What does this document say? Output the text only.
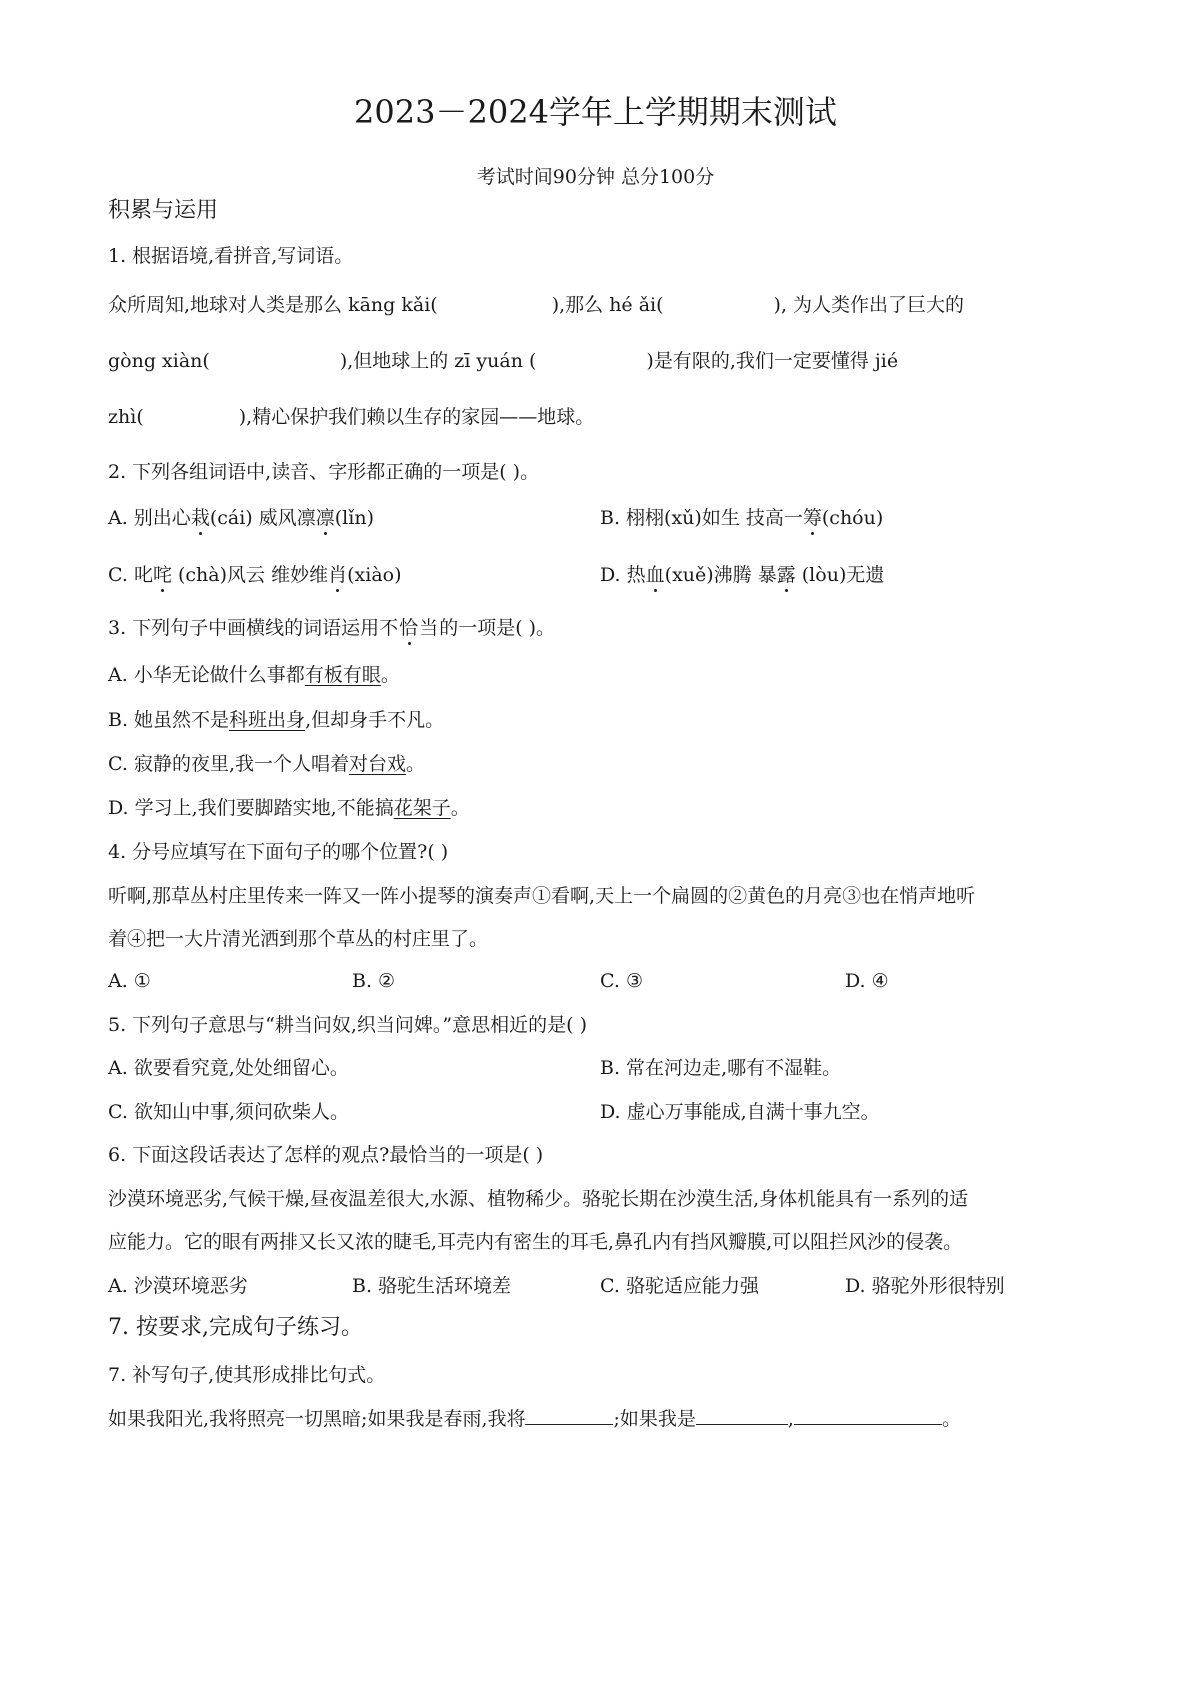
2023－2024学年上学期期末测试
考试时间90分钟 总分100分
积累与运用
1. 根据语境,看拼音,写词语。
众所周知,地球对人类是那么 kāng kǎi(	),那么 hé ǎi(	), 为人类作出了巨大的
gòng xiàn(	),但地球上的 zī yuán (	)是有限的,我们一定要懂得 jié
zhì(	),精心保护我们赖以生存的家园——地球。
2. 下列各组词语中,读音、字形都正确的一项是( )。
A. 别出心栽(cái) 威风凛凛(lǐn)	B. 栩栩(xǔ)如生 技高一筹(chóu)
C. 叱咤 (chà)风云 维妙维肖(xiào)	D. 热血(xuě)沸腾 暴露 (lòu)无遗
3. 下列句子中画横线的词语运用不恰当的一项是( )。
A. 小华无论做什么事都有板有眼。
B. 她虽然不是科班出身,但却身手不凡。
C. 寂静的夜里,我一个人唱着对台戏。
D. 学习上,我们要脚踏实地,不能搞花架子。
4. 分号应填写在下面句子的哪个位置?( )
听啊,那草丛村庄里传来一阵又一阵小提琴的演奏声①看啊,天上一个扁圆的②黄色的月亮③也在悄声地听
着④把一大片清光洒到那个草丛的村庄里了。
A. ①	B. ②	C. ③	D. ④
5. 下列句子意思与“耕当问奴,织当问婢。”意思相近的是( )
A. 欲要看究竟,处处细留心。	B. 常在河边走,哪有不湿鞋。
C. 欲知山中事,须问砍柴人。	D. 虚心万事能成,自满十事九空。
6. 下面这段话表达了怎样的观点?最恰当的一项是( )
沙漠环境恶劣,气候干燥,昼夜温差很大,水源、植物稀少。骆驼长期在沙漠生活,身体机能具有一系列的适
应能力。它的眼有两排又长又浓的睫毛,耳壳内有密生的耳毛,鼻孔内有挡风瓣膜,可以阻拦风沙的侵袭。
A. 沙漠环境恶劣	B. 骆驼生活环境差	C. 骆驼适应能力强	D. 骆驼外形很特别
7. 按要求,完成句子练习。
7. 补写句子,使其形成排比句式。
如果我阳光,我将照亮一切黑暗;如果我是春雨,我将	;如果我是	,	。
